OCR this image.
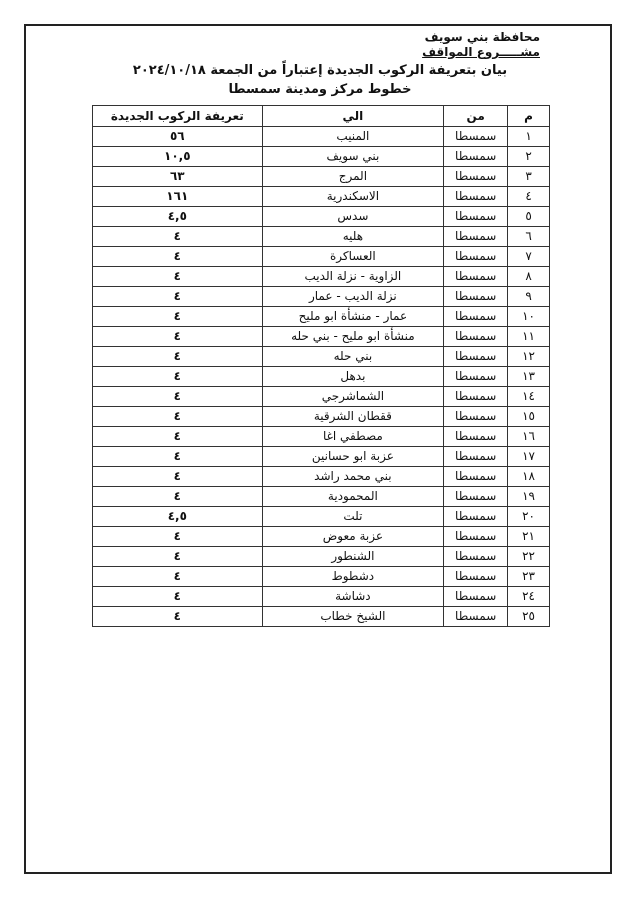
محافظة بني سويف
مشـــــروع المواقف
بيان بتعريفة الركوب الجديدة إعتباراً من الجمعة ٢٠٢٤/١٠/١٨
خطوط مركز ومدينة سمسطا
م	من	الي	تعريفة الركوب الجديدة
١	سمسطا	المنيب	٥٦
٢	سمسطا	بني سويف	١٠,٥
٣	سمسطا	المرج	٦٣
٤	سمسطا	الاسكندرية	١٦١
٥	سمسطا	سدس	٤,٥
٦	سمسطا	هليه	٤
٧	سمسطا	العساكرة	٤
٨	سمسطا	الزاوية - نزلة الديب	٤
٩	سمسطا	نزلة الديب - عمار	٤
١٠	سمسطا	عمار - منشأة ابو مليح	٤
١١	سمسطا	منشأة ابو مليح - بني حله	٤
١٢	سمسطا	بني حله	٤
١٣	سمسطا	بدهل	٤
١٤	سمسطا	الشماشرجي	٤
١٥	سمسطا	ققطان الشرقية	٤
١٦	سمسطا	مصطفي اغا	٤
١٧	سمسطا	عزبة ابو حسانين	٤
١٨	سمسطا	بني محمد راشد	٤
١٩	سمسطا	المحمودية	٤
٢٠	سمسطا	تلت	٤,٥
٢١	سمسطا	عزبة معوض	٤
٢٢	سمسطا	الشنطور	٤
٢٣	سمسطا	دشطوط	٤
٢٤	سمسطا	دشاشة	٤
٢٥	سمسطا	الشيخ خطاب	٤
